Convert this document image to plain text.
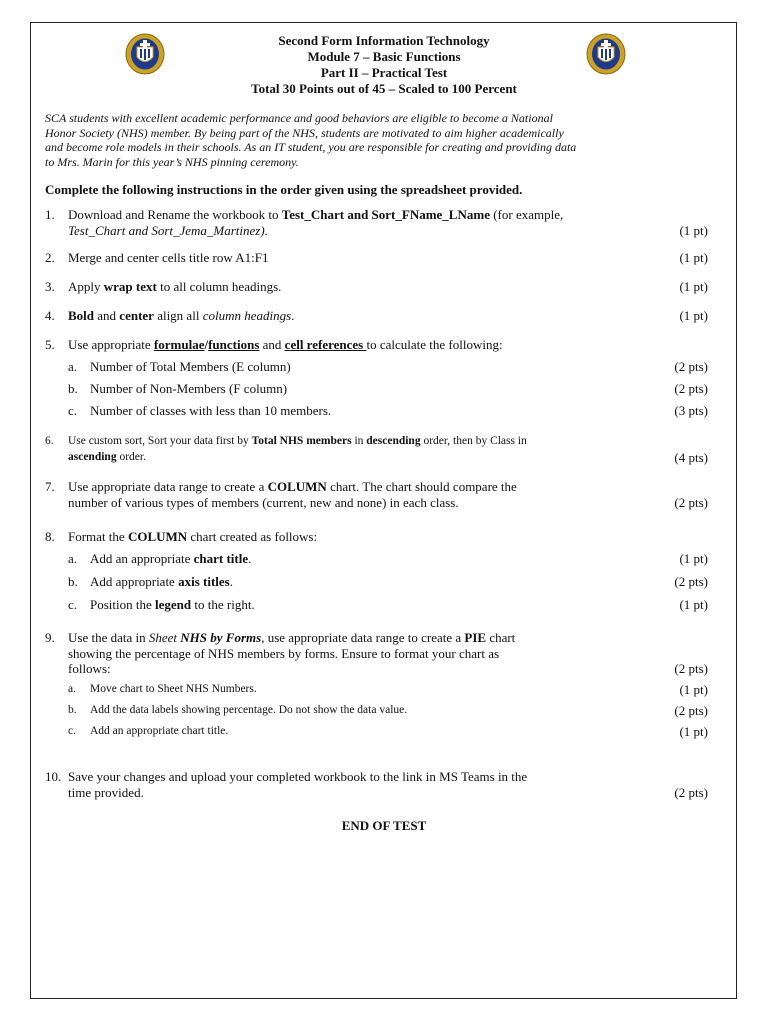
Second Form Information Technology
Module 7 – Basic Functions
Part II – Practical Test
Total 30 Points out of 45 – Scaled to 100 Percent
SCA students with excellent academic performance and good behaviors are eligible to become a National
Honor Society (NHS) member. By being part of the NHS, students are motivated to aim higher academically
and become role models in their schools. As an IT student, you are responsible for creating and providing data
to Mrs. Marin for this year’s NHS pinning ceremony.
Complete the following instructions in the order given using the spreadsheet provided.
1. Download and Rename the workbook to Test_Chart and Sort_FName_LName (for example,
Test_Chart and Sort_Jema_Martinez).	(1 pt)
2. Merge and center cells title row A1:F1	(1 pt)
3. Apply wrap text to all column headings.	(1 pt)
4. Bold and center align all column headings.	(1 pt)
5. Use appropriate formulae/functions and cell references to calculate the following:
a. Number of Total Members (E column)	(2 pts)
b. Number of Non-Members (F column)	(2 pts)
c. Number of classes with less than 10 members.	(3 pts)
6. Use custom sort, Sort your data first by Total NHS members in descending order, then by Class in
ascending order.	(4 pts)
7. Use appropriate data range to create a COLUMN chart. The chart should compare the
number of various types of members (current, new and none) in each class.	(2 pts)
8. Format the COLUMN chart created as follows:
a. Add an appropriate chart title.	(1 pt)
b. Add appropriate axis titles.	(2 pts)
c. Position the legend to the right.	(1 pt)
9. Use the data in Sheet NHS by Forms, use appropriate data range to create a PIE chart
showing the percentage of NHS members by forms. Ensure to format your chart as
follows:	(2 pts)
a. Move chart to Sheet NHS Numbers.	(1 pt)
b. Add the data labels showing percentage. Do not show the data value.	(2 pts)
c. Add an appropriate chart title.	(1 pt)
10. Save your changes and upload your completed workbook to the link in MS Teams in the
time provided.	(2 pts)
END OF TEST
